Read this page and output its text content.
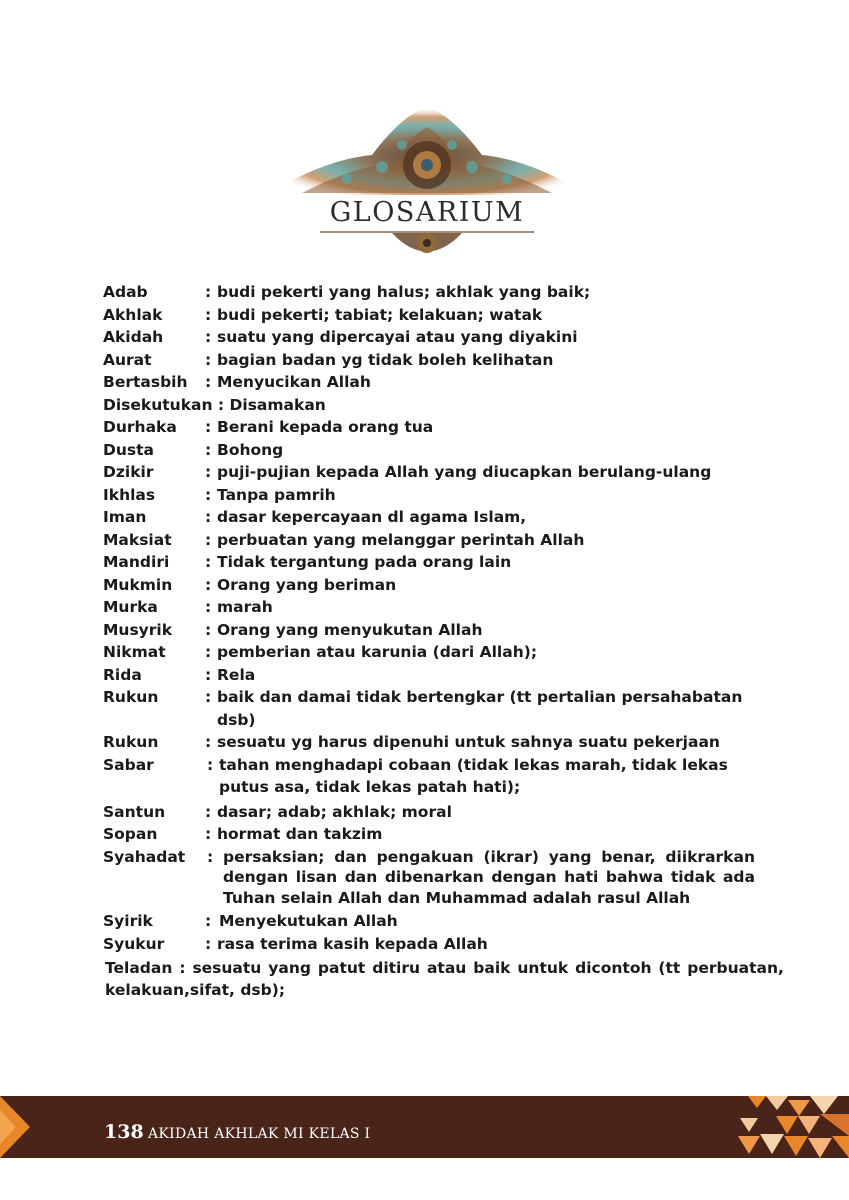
GLOSARIUM
Adab	: budi pekerti yang halus; akhlak yang baik;
Akhlak	: budi pekerti; tabiat; kelakuan; watak
Akidah	: suatu yang dipercayai atau yang diyakini
Aurat	: bagian badan yg tidak boleh kelihatan
Bertasbih : Menyucikan Allah
Disekutukan : Disamakan
Durhaka : Berani kepada orang tua
Dusta	: Bohong
Dzikir	: puji-pujian kepada Allah yang diucapkan berulang-ulang
Ikhlas	: Tanpa pamrih
Iman	: dasar kepercayaan dl agama Islam,
Maksiat : perbuatan yang melanggar perintah Allah
Mandiri : Tidak tergantung pada orang lain
Mukmin : Orang yang beriman
Murka	: marah
Musyrik : Orang yang menyukutan Allah
Nikmat	: pemberian atau karunia (dari Allah);
Rida	: Rela
Rukun	: baik dan damai tidak bertengkar (tt pertalian persahabatan dsb)
Rukun	: sesuatu yg harus dipenuhi untuk sahnya suatu pekerjaan
Sabar	: tahan menghadapi cobaan (tidak lekas marah, tidak lekas putus asa, tidak lekas patah hati);
Santun	: dasar; adab; akhlak; moral
Sopan	: hormat dan takzim
Syahadat : persaksian; dan pengakuan (ikrar) yang benar, diikrarkan dengan lisan dan dibenarkan dengan hati bahwa tidak ada Tuhan selain Allah dan Muhammad adalah rasul Allah
Syirik	: Menyekutukan Allah
Syukur	: rasa terima kasih kepada Allah
Teladan : sesuatu yang patut ditiru atau baik untuk dicontoh (tt perbuatan,
kelakuan,sifat, dsb);
138 AKIDAH AKHLAK MI KELAS I
